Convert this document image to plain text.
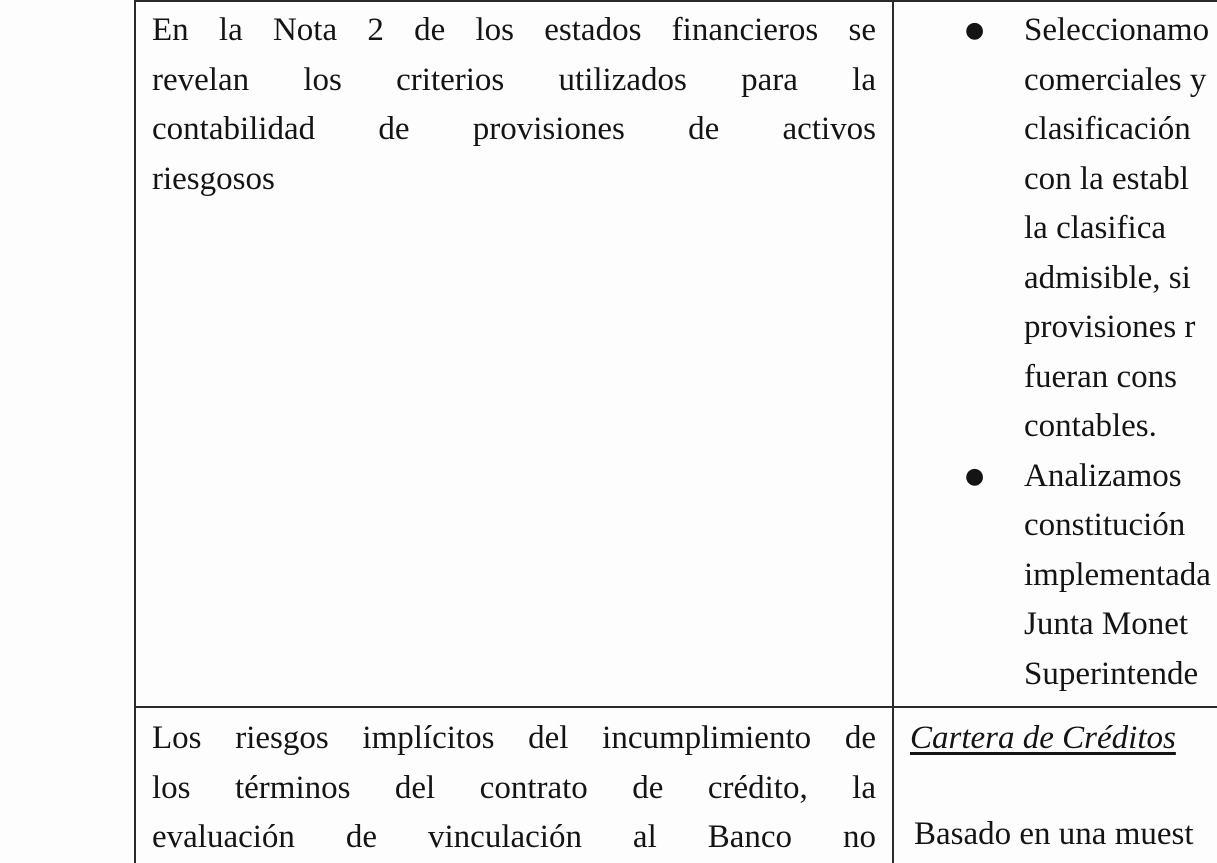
En la Nota 2 de los estados financieros se

revelan los criterios utilizados para la

contabilidad de provisiones de activos

riesgosos

Los riesgos implícitos del incumplimiento de

los términos del contrato de crédito, la

evaluación de vinculación al Banco no

●	Seleccionamo

comerciales y

clasificación

con la establ

la clasifica

admisible, si

provisiones r

fueran cons

contables.

●	Analizamos

constitución

implementada

Junta Monet

Superintende

Cartera de Créditos
Basado en una muest
